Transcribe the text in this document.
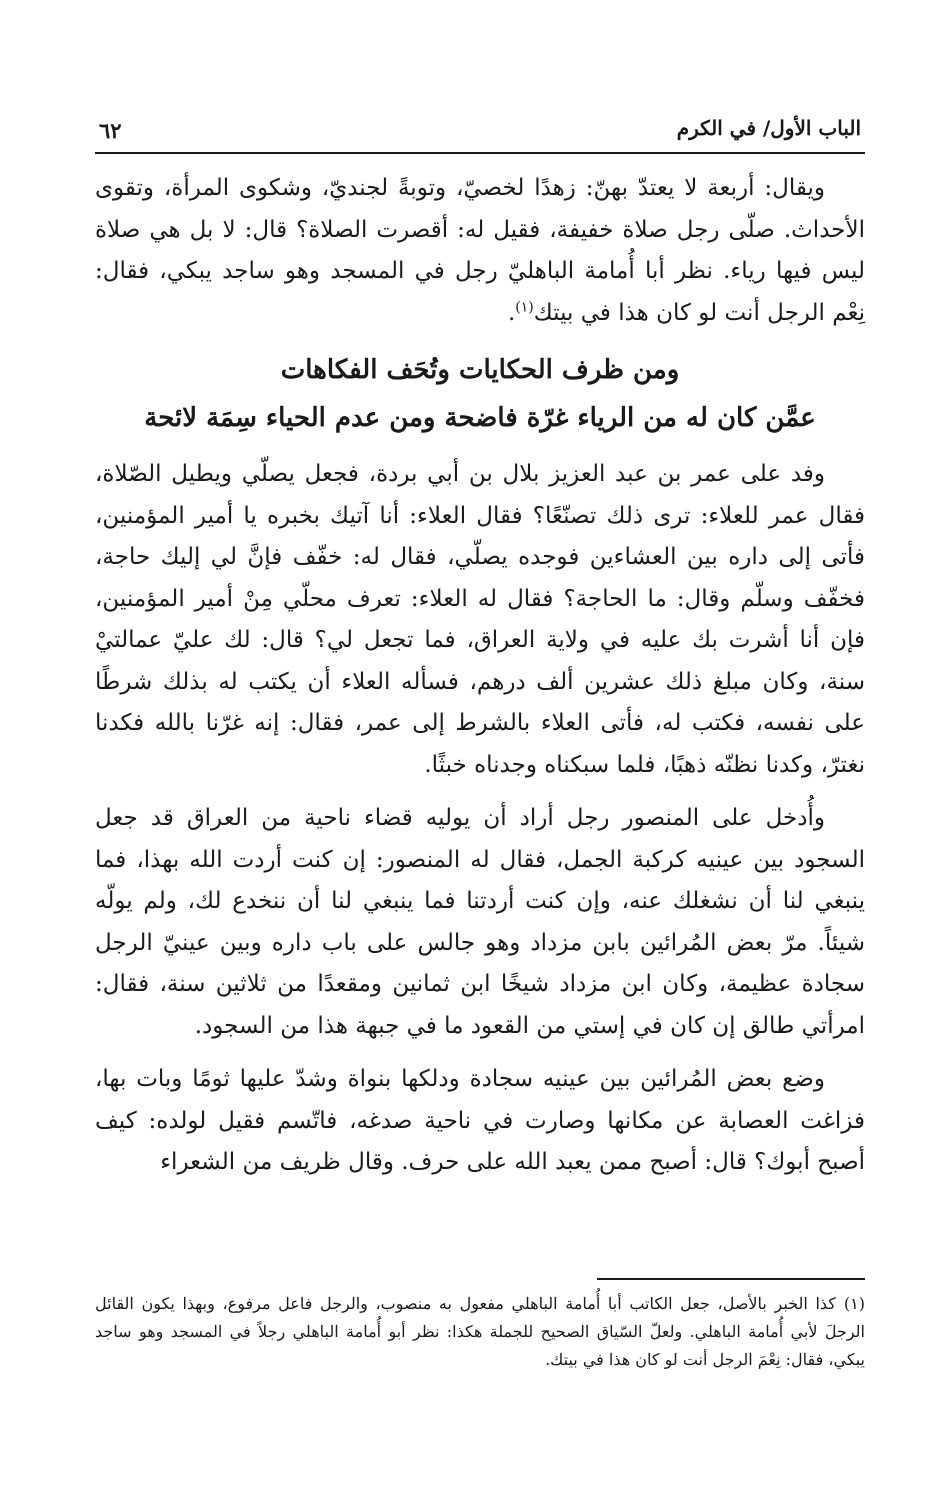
الباب الأول/ في الكرم
٦٢

ويقال: أربعة لا يعتدّ بهنّ: زهدًا لخصيّ، وتوبةً لجنديّ، وشكوى المرأة، وتقوى الأحداث. صلّى رجل صلاة خفيفة، فقيل له: أقصرت الصلاة؟ قال: لا بل هي صلاة ليس فيها رياء. نظر أبا أُمامة الباهليّ رجل في المسجد وهو ساجد يبكي، فقال: نِعْم الرجل أنت لو كان هذا في بيتك$^{(١)}$.

ومن ظرف الحكايات وتُحَف الفكاهات
عمَّن كان له من الرياء غرّة فاضحة ومن عدم الحياء سِمَة لائحة

وفد على عمر بن عبد العزيز بلال بن أبي بردة، فجعل يصلّي ويطيل الصّلاة، فقال عمر للعلاء: ترى ذلك تصنّعًا؟ فقال العلاء: أنا آتيك بخبره يا أمير المؤمنين، فأتى إلى داره بين العشاءين فوجده يصلّي، فقال له: خفّف فإنَّ لي إليك حاجة، فخفّف وسلّم وقال: ما الحاجة؟ فقال له العلاء: تعرف محلّي مِنْ أمير المؤمنين، فإن أنا أشرت بك عليه في ولاية العراق، فما تجعل لي؟ قال: لك عليّ عمالتيْ سنة، وكان مبلغ ذلك عشرين ألف درهم، فسأله العلاء أن يكتب له بذلك شرطًا على نفسه، فكتب له، فأتى العلاء بالشرط إلى عمر، فقال: إنه غرّنا بالله فكدنا نغترّ، وكدنا نظنّه ذهبًا، فلما سبكناه وجدناه خبثًا.

وأُدخل على المنصور رجل أراد أن يوليه قضاء ناحية من العراق قد جعل السجود بين عينيه كركبة الجمل، فقال له المنصور: إن كنت أردت الله بهذا، فما ينبغي لنا أن نشغلك عنه، وإن كنت أردتنا فما ينبغي لنا أن ننخدع لك، ولم يولّه شيئاً. مرّ بعض المُرائين بابن مزداد وهو جالس على باب داره وبين عينيّ الرجل سجادة عظيمة، وكان ابن مزداد شيخًا ابن ثمانين ومقعدًا من ثلاثين سنة، فقال: امرأتي طالق إن كان في إستي من القعود ما في جبهة هذا من السجود.

وضع بعض المُرائين بين عينيه سجادة ودلكها بنواة وشدّ عليها ثومًا وبات بها، فزاغت العصابة عن مكانها وصارت في ناحية صدغه، فاتّسم فقيل لولده: كيف أصبح أبوك؟ قال: أصبح ممن يعبد الله على حرف. وقال ظريف من الشعراء

(١)كذا الخبر بالأصل، جعل الكاتب أبا أُمامة الباهلي مفعول به منصوب، والرجل فاعل مرفوع، وبهذا يكون القائل الرجلَ لأبي أُمامة الباهلي. ولعلّ السّياق الصحيح للجملة هكذا: نظر أبو أُمامة الباهلي رجلاً في المسجد وهو ساجد يبكي، فقال: نِعْمَ الرجل أنت لو كان هذا في بيتك.
